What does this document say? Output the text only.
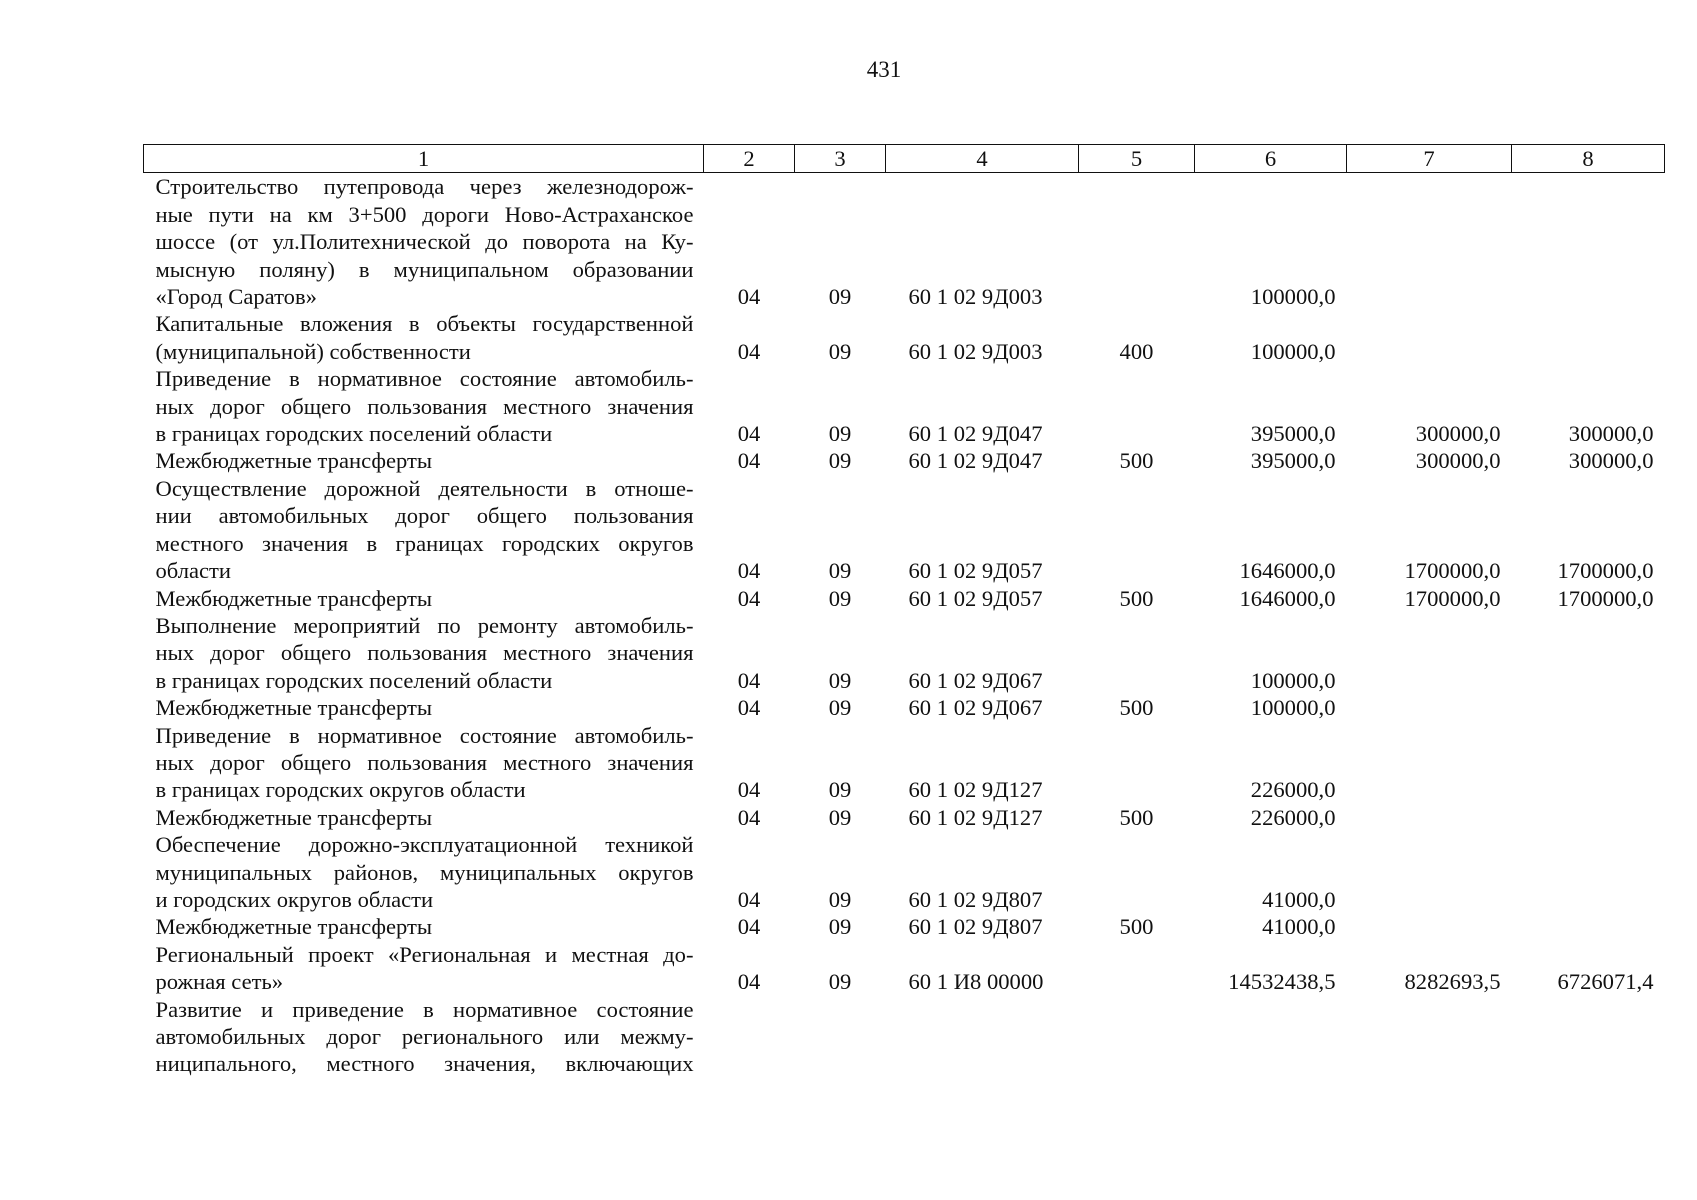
431
1	2	3	4	5	6	7	8

Строительство путепровода через железнодорож-
ные пути на км 3+500 дороги Ново-Астраханское
шоссе (от ул.Политехнической до поворота на Ку-
мысную поляну) в муниципальном образовании
«Город Саратов»	04	09	60 1 02 9Д003		100000,0		

Капитальные вложения в объекты государственной
(муниципальной) собственности	04	09	60 1 02 9Д003	400	100000,0		

Приведение в нормативное состояние автомобиль-
ных дорог общего пользования местного значения
в границах городских поселений области	04	09	60 1 02 9Д047		395000,0	300000,0	300000,0

Межбюджетные трансферты	04	09	60 1 02 9Д047	500	395000,0	300000,0	300000,0

Осуществление дорожной деятельности в отноше-
нии автомобильных дорог общего пользования
местного значения в границах городских округов
области	04	09	60 1 02 9Д057		1646000,0	1700000,0	1700000,0

Межбюджетные трансферты	04	09	60 1 02 9Д057	500	1646000,0	1700000,0	1700000,0

Выполнение мероприятий по ремонту автомобиль-
ных дорог общего пользования местного значения
в границах городских поселений области	04	09	60 1 02 9Д067		100000,0		

Межбюджетные трансферты	04	09	60 1 02 9Д067	500	100000,0		

Приведение в нормативное состояние автомобиль-
ных дорог общего пользования местного значения
в границах городских округов области	04	09	60 1 02 9Д127		226000,0		

Межбюджетные трансферты	04	09	60 1 02 9Д127	500	226000,0		

Обеспечение дорожно-эксплуатационной техникой
муниципальных районов, муниципальных округов
и городских округов области	04	09	60 1 02 9Д807		41000,0		

Межбюджетные трансферты	04	09	60 1 02 9Д807	500	41000,0		

Региональный проект «Региональная и местная до-
рожная сеть»	04	09	60 1 И8 00000		14532438,5	8282693,5	6726071,4

Развитие и приведение в нормативное состояние
автомобильных дорог регионального или межму-
ниципального, местного значения, включающих							
